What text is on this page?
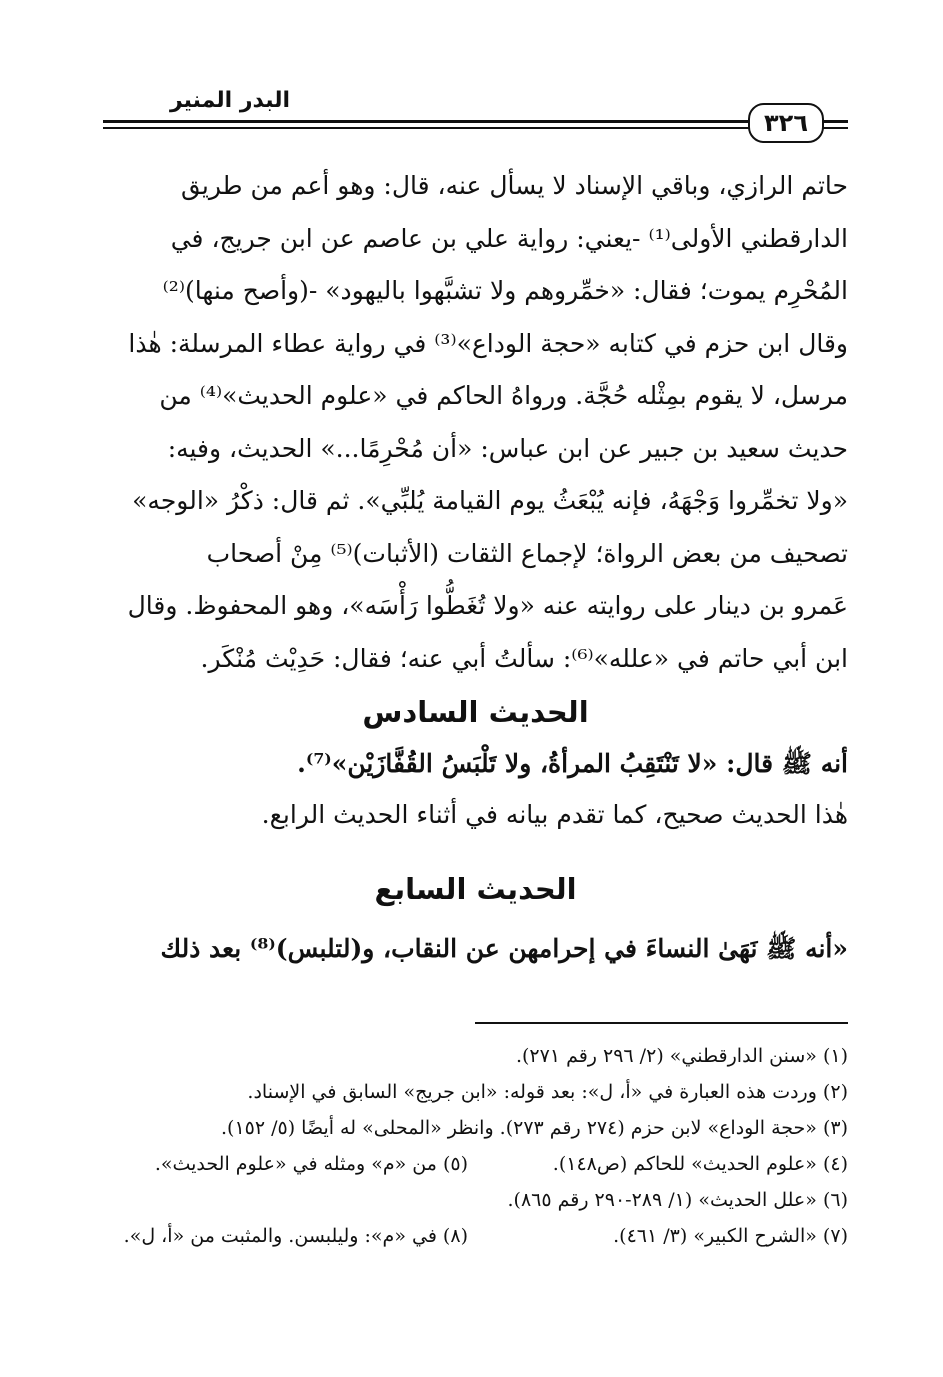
٣٢٦
البدر المنير

حاتم الرازي، وباقي الإسناد لا يسأل عنه، قال: وهو أعم من طريق

الدارقطني الأولى⁽¹⁾ -يعني: رواية علي بن عاصم عن ابن جريج، في

المُحْرِم يموت؛ فقال: «خمِّروهم ولا تشبَّهوا باليهود» -(وأصح منها)⁽²⁾

وقال ابن حزم في كتابه «حجة الوداع»⁽³⁾ في رواية عطاء المرسلة: هٰذا

مرسل، لا يقوم بمِثْله حُجَّة. ورواهُ الحاكم في «علوم الحديث»⁽⁴⁾ من

حديث سعيد بن جبير عن ابن عباس: «أن مُحْرِمًا...» الحديث، وفيه:

«ولا تخمِّروا وَجْهَهُ، فإنه يُبْعَثُ يوم القيامة يُلبِّي». ثم قال: ذكْرُ «الوجه»

تصحيف من بعض الرواة؛ لإجماع الثقات (الأثبات)⁽⁵⁾ مِنْ أصحاب

عَمرو بن دينار على روايته عنه «ولا تُغَطُّوا رَأْسَه»، وهو المحفوظ. وقال

ابن أبي حاتم في «علله»⁽⁶⁾: سألتُ أبي عنه؛ فقال: حَدِيْث مُنْكَر.

الحديث السادس
أنه ﷺ قال: «لا تَنْتَقِبُ المرأةُ، ولا تَلْبَسُ القُفَّازَيْن»⁽⁷⁾.
هٰذا الحديث صحيح، كما تقدم بيانه في أثناء الحديث الرابع.
الحديث السابع
«أنه ﷺ نَهَىٰ النساءَ في إحرامهن عن النقاب، و(لتلبس)⁽⁸⁾ بعد ذلك
(١) «سنن الدارقطني» (٢/ ٢٩٦ رقم ٢٧١).
(٢) وردت هذه العبارة في «أ، ل»: بعد قوله: «ابن جريج» السابق في الإسناد.
(٣) «حجة الوداع» لابن حزم (٢٧٤ رقم ٢٧٣). وانظر «المحلى» له أيضًا (٥/ ١٥٢).
(٤) «علوم الحديث» للحاكم (ص١٤٨).
(٥) من «م» ومثله في «علوم الحديث».
(٦) «علل الحديث» (١/ ٢٨٩-٢٩٠ رقم ٨٦٥).
(٧) «الشرح الكبير» (٣/ ٤٦١).
(٨) في «م»: وليلبسن. والمثبت من «أ، ل».
